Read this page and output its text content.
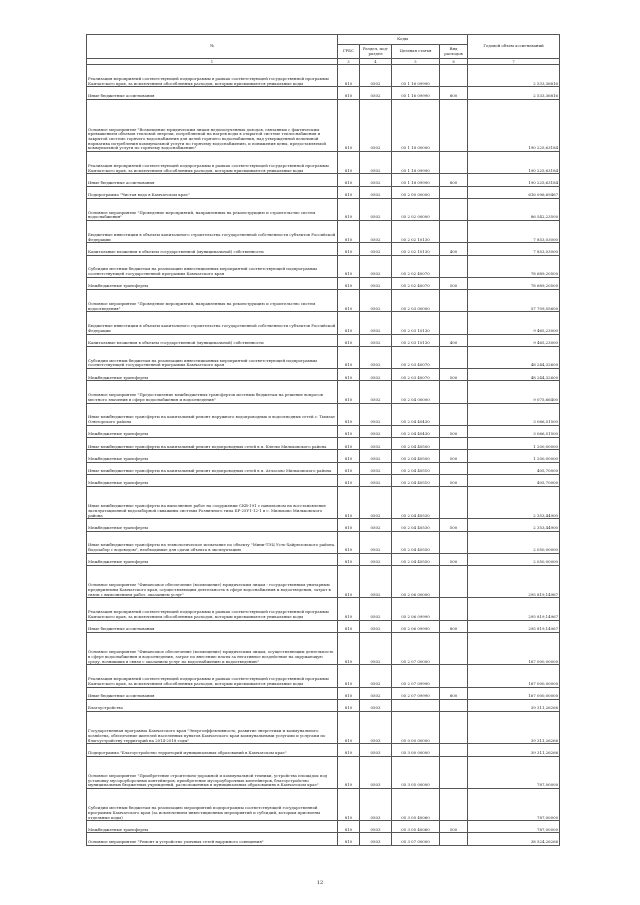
№	Коды				Годовой объем ассигнований
	ГРБС	Раздел, под-раздел	Целевая статья	Вид расходов	
1	3	4	5	6	7
Реализация мероприятий соответствующей подпрограммы в рамках соответствующей государственной программы Камчатского края, за исключением обособленных расходов, которым присваиваются уникальные коды	810	0502	05 1 16 09990		2 533,36816
Иные бюджетные ассигнования	810	0502	05 1 16 09990	800	2 533,36816
Основное мероприятие "Возмещение юридическим лицам недополученных доходов, связанных с фактическим превышением объемов тепловой энергии, потребляемой на нагрев воды в открытой системе теплоснабжения и закрытой системе горячего водоснабжения для целей горячего водоснабжения, над утвержденной величиной норматива потребления коммунальной услуги по горячему водоснабжению, и понижения цены, предоставляемой коммунальной услуги по горячему водоснабжению"	810	0502	05 1 18 00000		190 225,63184
Реализация мероприятий соответствующей подпрограммы в рамках соответствующей государственной программы Камчатского края, за исключением обособленных расходов, которым присваиваются уникальные коды	810	0502	05 1 18 09990		190 225,63184
Иные бюджетные ассигнования	810	0502	05 1 18 09990	800	190 225,63184
Подпрограмма "Чистая вода в Камчатском крае"	810	0502	05 2 00 00000		616 096,69467
Основное мероприятие "Проведение мероприятий, направленных на реконструкцию и строительство систем водоснабжения"	810	0502	05 2 02 00000		86 542,23500
Бюджетные инвестиции в объекты капитального строительства государственной собственности субъектов Российской Федерации	810	0502	05 2 02 10130		7 853,03000
Капитальные вложения в объекты государственной (муниципальной) собственности	810	0502	05 2 02 10130	400	7 853,03000
Субсидии местным бюджетам на реализацию инвестиционных мероприятий соответствующей подпрограммы соответствующей государственной программы Камчатского края	810	0502	05 2 02 40070		78 689,20500
Межбюджетные трансферты	810	0502	05 2 02 40070	500	78 689,20500
Основное мероприятие "Проведение мероприятий, направленных на реконструкцию и строительство систем водоотведения"	810	0502	05 2 03 00000		57 709,55600
Бюджетные инвестиции в объекты капитального строительства государственной собственности субъектов Российской Федерации	810	0502	05 2 03 10130		9 465,23000
Капитальные вложения в объекты государственной (муниципальной) собственности	810	0502	05 2 03 10130	400	9 465,23000
Субсидии местным бюджетам на реализацию инвестиционных мероприятий соответствующей подпрограммы соответствующей государственной программы Камчатского края	810	0502	05 2 03 40070		48 244,32600
Межбюджетные трансферты	810	0502	05 2 03 40070	500	48 244,32600
Основное мероприятие "Предоставление межбюджетных трансфертов местным бюджетам на решение вопросов местного значения в сфере водоснабжения и водоотведения"	810	0502	05 2 04 00000		9 075,66400
Иные межбюджетные трансферты на капитальный ремонт наружного водопроводных и водоотводных сетей с. Тымлат Олюторского района	810	0502	05 2 04 40430		3 066,51500
Межбюджетные трансферты	810	0502	05 2 04 40430	500	3 066,51500
Иные межбюджетные трансферты на капитальный ремонт водопроводных сетей в п. Ключи Мильковского района	810	0502	05 2 04 40500		1 200,00000
Межбюджетные трансферты	810	0502	05 2 04 40500	500	1 200,00000
Иные межбюджетные трансферты на капитальный ремонт водопроводных сетей в п. Атласово Мильковского района	810	0502	05 2 04 40510		405,70000
Межбюджетные трансферты	810	0502	05 2 04 40510	500	405,70000
Иные межбюджетные трансферты на выполнение работ на сооружении СКВ-191 с павильоном на восстановление эксплуатационной водозаборной скважины системы Розничного типа БР-25У1-12-1 в с. Мильково Мильковского района	810	0502	05 2 04 40530		2 353,44900
Межбюджетные трансферты	810	0502	05 2 04 40530	500	2 353,44900
Иные межбюджетные трансферты на технологическое испытание по объекту "Мини-ТЭЦ Усть-Хайрюзовского района. Водозабор с водоводом", необходимые для сдачи объекта в эксплуатацию	810	0502	05 2 04 40550		2 050,00000
Межбюджетные трансферты	810	0502	05 2 04 40550	500	2 050,00000
Основное мероприятие "Финансовое обеспечение (возмещение) юридическим лицам - государственным унитарным предприятиям Камчатского края, осуществляющим деятельность в сфере водоснабжения и водоотведения, затрат в связи с выполнением работ, оказанием услуг"	810	0502	05 2 06 00000		295 819,14967
Реализация мероприятий соответствующей подпрограммы в рамках соответствующей государственной программы Камчатского края, за исключением обособленных расходов, которым присваиваются уникальные коды	810	0502	05 2 06 09990		295 819,14967
Иные бюджетные ассигнования	810	0502	05 2 06 09990	800	295 819,14967
Основное мероприятие "Финансовое обеспечение (возмещение) юридическим лицам, осуществляющим деятельность в сфере водоснабжения и водоотведения, затрат по внесению платы за негативное воздействие на окружающую среду, возникших в связи с оказанием услуг по водоснабжению и водоотведению"	810	0502	05 2 07 00000		167 000,00000
Реализация мероприятий соответствующей подпрограммы в рамках соответствующей государственной программы Камчатского края, за исключением обособленных расходов, которым присваиваются уникальные коды	810	0502	05 2 07 09990		167 000,00000
Иные бюджетные ассигнования	810	0502	05 2 07 09990	800	167 000,00000
Благоустройство	810	0503			39 311,26266
Государственная программа Камчатского края "Энергоэффективность, развитие энергетики и коммунального хозяйства, обеспечение жителей населенных пунктов Камчатского края коммунальными услугами и услугами по благоустройству территорий на 2014-2018 годы"	810	0503	05 0 00 00000		39 311,26266
Подпрограмма "Благоустройство территорий муниципальных образований в Камчатском крае"	810	0503	05 3 00 00000		39 311,26266
Основное мероприятие "Приобретение строительно-дорожной и коммунальной техники, устройства площадок под установку мусороуборочных контейнеров, приобретение мусороуборочных контейнеров, благоустройство муниципальных бюджетных учреждений, расположенных в муниципальных образованиях в Камчатском крае"	810	0503	05 3 05 00000		787,00000
Субсидии местным бюджетам на реализацию мероприятий подпрограммы соответствующей государственной программы Камчатского края (за исключением инвестиционных мероприятий и субсидий, которым присвоены отдельные коды)	810	0503	05 3 05 40060		787,00000
Межбюджетные трансферты	810	0503	05 3 05 40060	500	787,00000
Основное мероприятие "Ремонт и устройство уличных сетей наружного освещения"	810	0503	05 3 07 00000		38 524,26266
12
